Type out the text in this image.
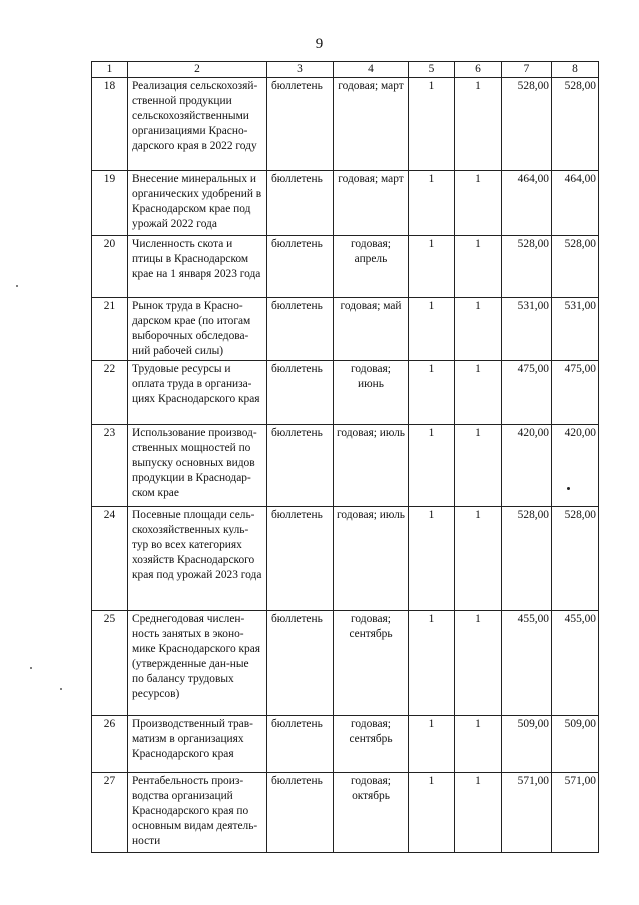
9
1	2	3	4	5	6	7	8
18	Реализация сельскохозяй-ственной продукции сельскохозяйственными организациями Красно-дарского края в 2022 году	бюллетень	годовая; март	1	1	528,00	528,00
19	Внесение минеральных и органических удобрений в Краснодарском крае под урожай 2022 года	бюллетень	годовая; март	1	1	464,00	464,00
20	Численность скота и птицы в Краснодарском крае на 1 января 2023 года	бюллетень	годовая; апрель	1	1	528,00	528,00
21	Рынок труда в Красно-дарском крае (по итогам выборочных обследова-ний рабочей силы)	бюллетень	годовая; май	1	1	531,00	531,00
22	Трудовые ресурсы и оплата труда в организа-циях Краснодарского края	бюллетень	годовая; июнь	1	1	475,00	475,00
23	Использование производ-ственных мощностей по выпуску основных видов продукции в Краснодар-ском крае	бюллетень	годовая; июль	1	1	420,00	420,00
24	Посевные площади сель-скохозяйственных куль-тур во всех категориях хозяйств Краснодарского края под урожай 2023 года	бюллетень	годовая; июль	1	1	528,00	528,00
25	Среднегодовая числен-ность занятых в эконо-мике Краснодарского края (утвержденные дан-ные по балансу трудовых ресурсов)	бюллетень	годовая; сентябрь	1	1	455,00	455,00
26	Производственный трав-матизм в организациях Краснодарского края	бюллетень	годовая; сентябрь	1	1	509,00	509,00
27	Рентабельность произ-водства организаций Краснодарского края по основным видам деятель-ности	бюллетень	годовая; октябрь	1	1	571,00	571,00
